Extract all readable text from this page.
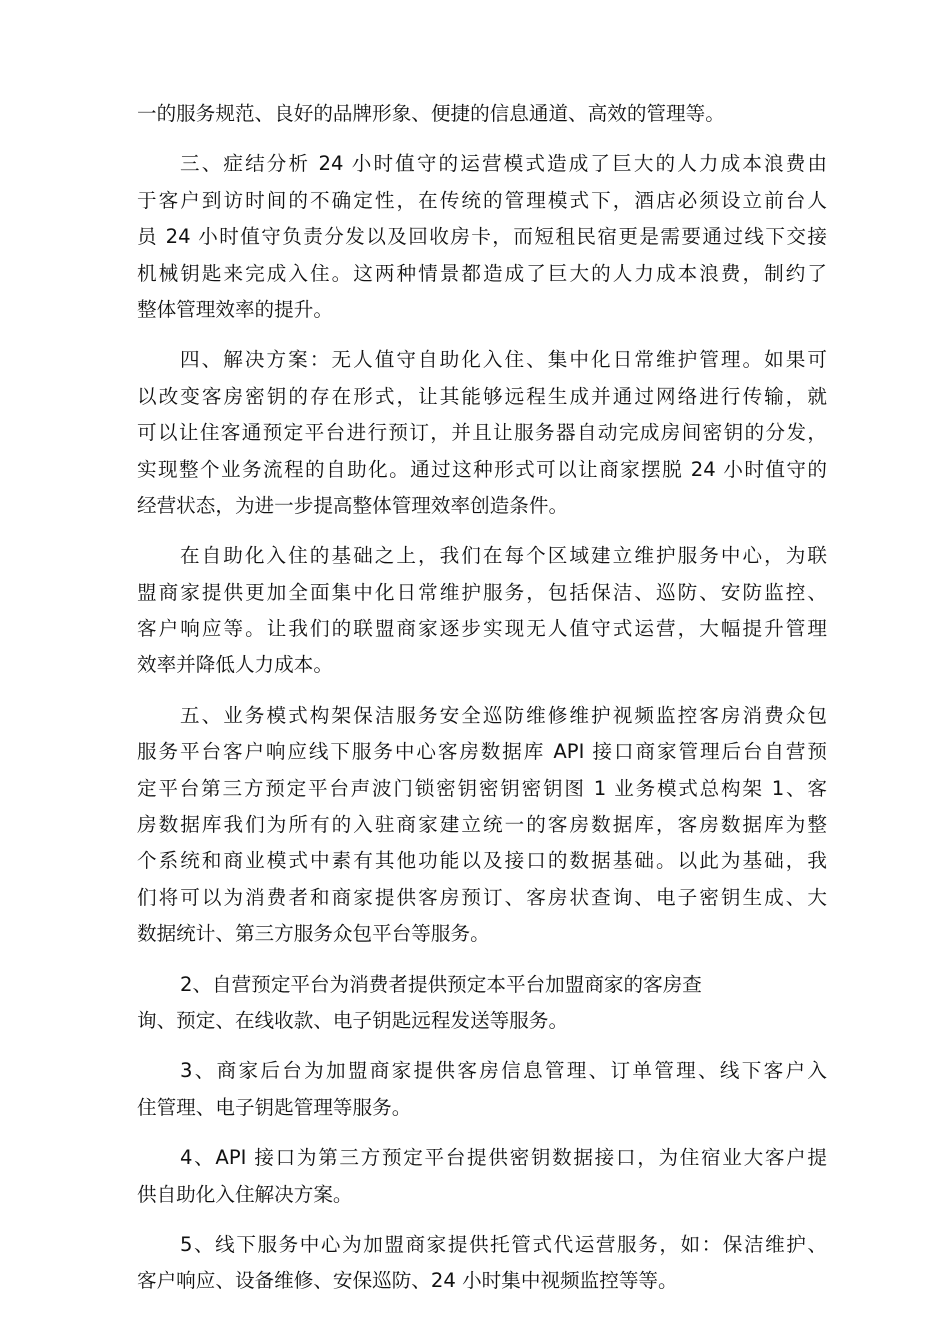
一的服务规范、良好的品牌形象、便捷的信息通道、高效的管理等。
三、症结分析 24 小时值守的运营模式造成了巨大的人力成本浪费由
于客户到访时间的不确定性，在传统的管理模式下，酒店必须设立前台人
员 24 小时值守负责分发以及回收房卡，而短租民宿更是需要通过线下交接
机械钥匙来完成入住。这两种情景都造成了巨大的人力成本浪费，制约了
整体管理效率的提升。
四、解决方案：无人值守自助化入住、集中化日常维护管理。如果可
以改变客房密钥的存在形式，让其能够远程生成并通过网络进行传输，就
可以让住客通预定平台进行预订，并且让服务器自动完成房间密钥的分发，
实现整个业务流程的自助化。通过这种形式可以让商家摆脱 24 小时值守的
经营状态，为进一步提高整体管理效率创造条件。
在自助化入住的基础之上，我们在每个区域建立维护服务中心，为联
盟商家提供更加全面集中化日常维护服务，包括保洁、巡防、安防监控、
客户响应等。让我们的联盟商家逐步实现无人值守式运营，大幅提升管理
效率并降低人力成本。
五、业务模式构架保洁服务安全巡防维修维护视频监控客房消费众包
服务平台客户响应线下服务中心客房数据库 API 接口商家管理后台自营预
定平台第三方预定平台声波门锁密钥密钥密钥图 1 业务模式总构架 1、客
房数据库我们为所有的入驻商家建立统一的客房数据库，客房数据库为整
个系统和商业模式中素有其他功能以及接口的数据基础。以此为基础，我
们将可以为消费者和商家提供客房预订、客房状查询、电子密钥生成、大
数据统计、第三方服务众包平台等服务。
2、自营预定平台为消费者提供预定本平台加盟商家的客房查
询、预定、在线收款、电子钥匙远程发送等服务。
3、商家后台为加盟商家提供客房信息管理、订单管理、线下客户入
住管理、电子钥匙管理等服务。
4、API 接口为第三方预定平台提供密钥数据接口，为住宿业大客户提
供自助化入住解决方案。
5、线下服务中心为加盟商家提供托管式代运营服务，如：保洁维护、
客户响应、设备维修、安保巡防、24 小时集中视频监控等等。
